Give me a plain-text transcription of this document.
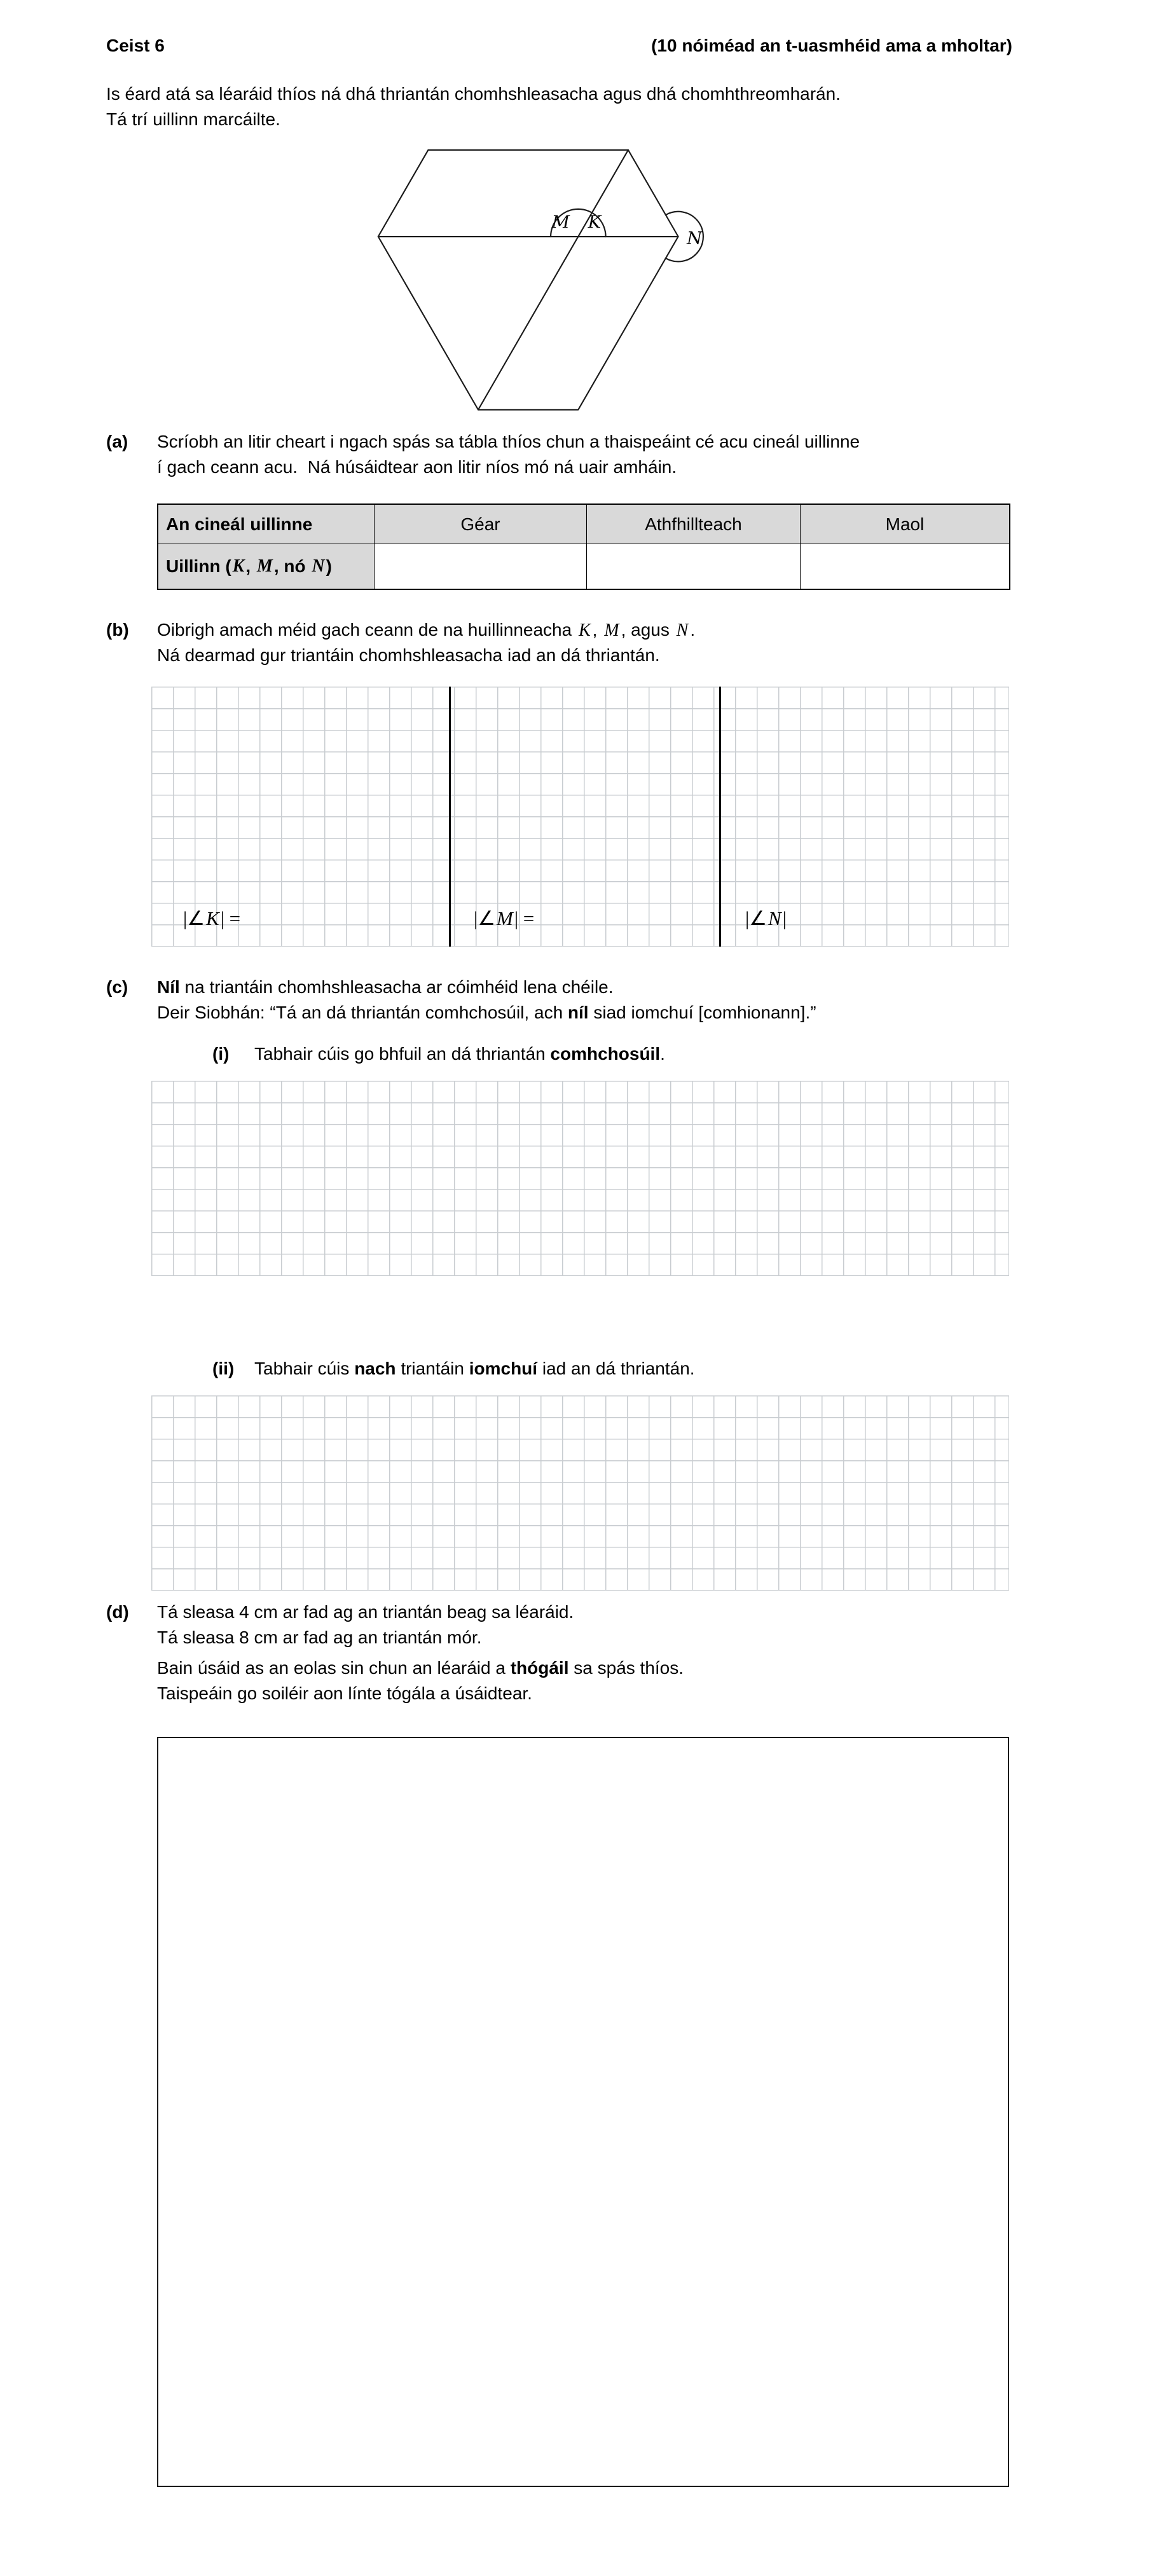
Ceist 6	(10 nóiméad an t-uasmhéid ama a mholtar)
Is éard atá sa léaráid thíos ná dhá thriantán chomhshleasacha agus dhá chomhthreomharán.
Tá trí uillinn marcáilte.
M K
N
(a) Scríobh an litir cheart i ngach spás sa tábla thíos chun a thaispeáint cé acu cineál uillinne
í gach ceann acu.  Ná húsáidtear aon litir níos mó ná uair amháin.
An cineál uillinne	Géar	Athfhillteach	Maol
Uillinn ( K , M , nó N )
(b) Oibrigh amach méid gach ceann de na huillinneacha K , M , agus N .
Ná dearmad gur triantáin chomhshleasacha iad an dá thriantán.
|∠K| =	|∠M| =	|∠N|
(c) Níl na triantáin chomhshleasacha ar cóimhéid lena chéile.
Deir Siobhán: “Tá an dá thriantán comhchosúil, ach níl siad iomchuí [comhionann].”
(i) Tabhair cúis go bhfuil an dá thriantán comhchosúil.
(ii) Tabhair cúis nach triantáin iomchuí iad an dá thriantán.
(d) Tá sleasa 4 cm ar fad ag an triantán beag sa léaráid.
Tá sleasa 8 cm ar fad ag an triantán mór.
Bain úsáid as an eolas sin chun an léaráid a thógáil sa spás thíos.
Taispeáin go soiléir aon línte tógála a úsáidtear.
